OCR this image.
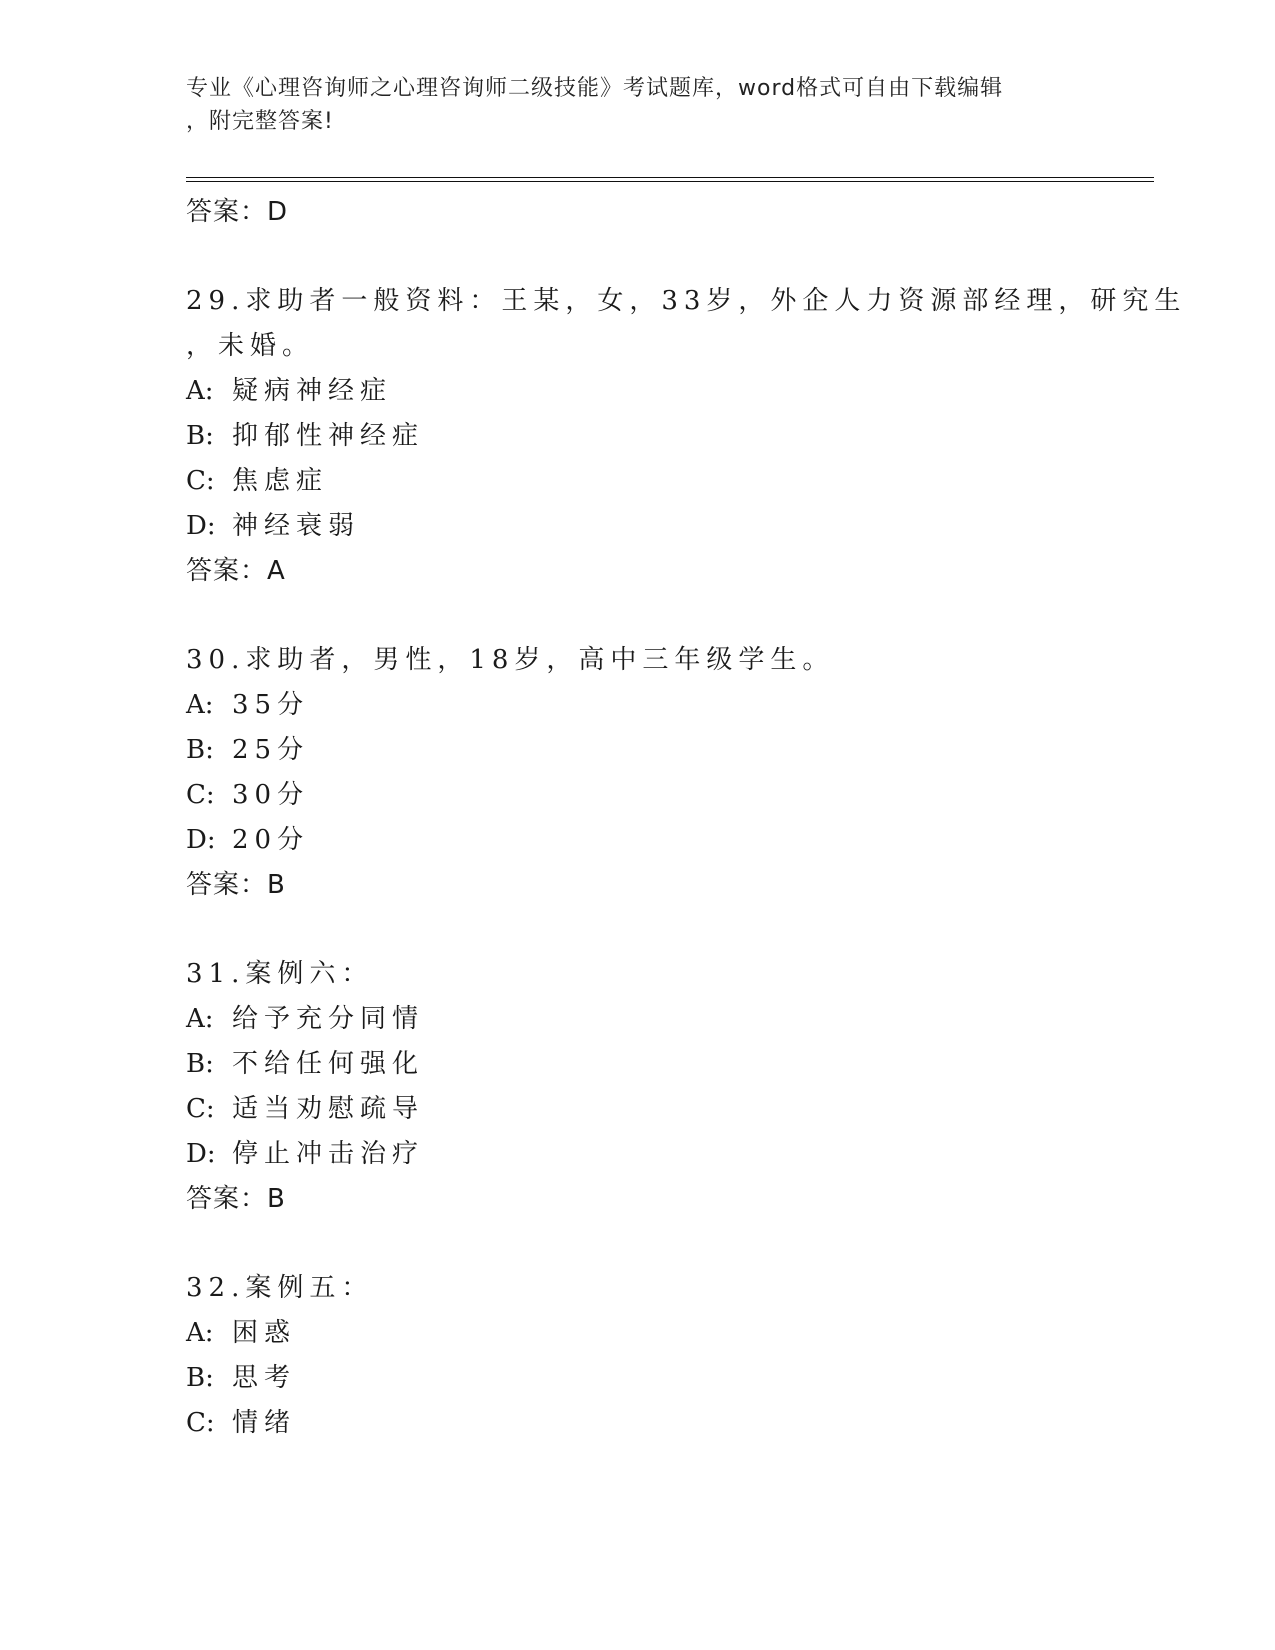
专业《心理咨询师之心理咨询师二级技能》考试题库，word格式可自由下载编辑
，附完整答案!
答案：D
29.求助者一般资料：王某，女，33岁，外企人力资源部经理，研究生
，未婚。
A: 疑病神经症
B: 抑郁性神经症
C: 焦虑症
D: 神经衰弱
答案：A
30.求助者，男性，18岁，高中三年级学生。
A: 35分
B: 25分
C: 30分
D: 20分
答案：B
31.案例六：
A: 给予充分同情
B: 不给任何强化
C: 适当劝慰疏导
D: 停止冲击治疗
答案：B
32.案例五：
A: 困惑
B: 思考
C: 情绪
